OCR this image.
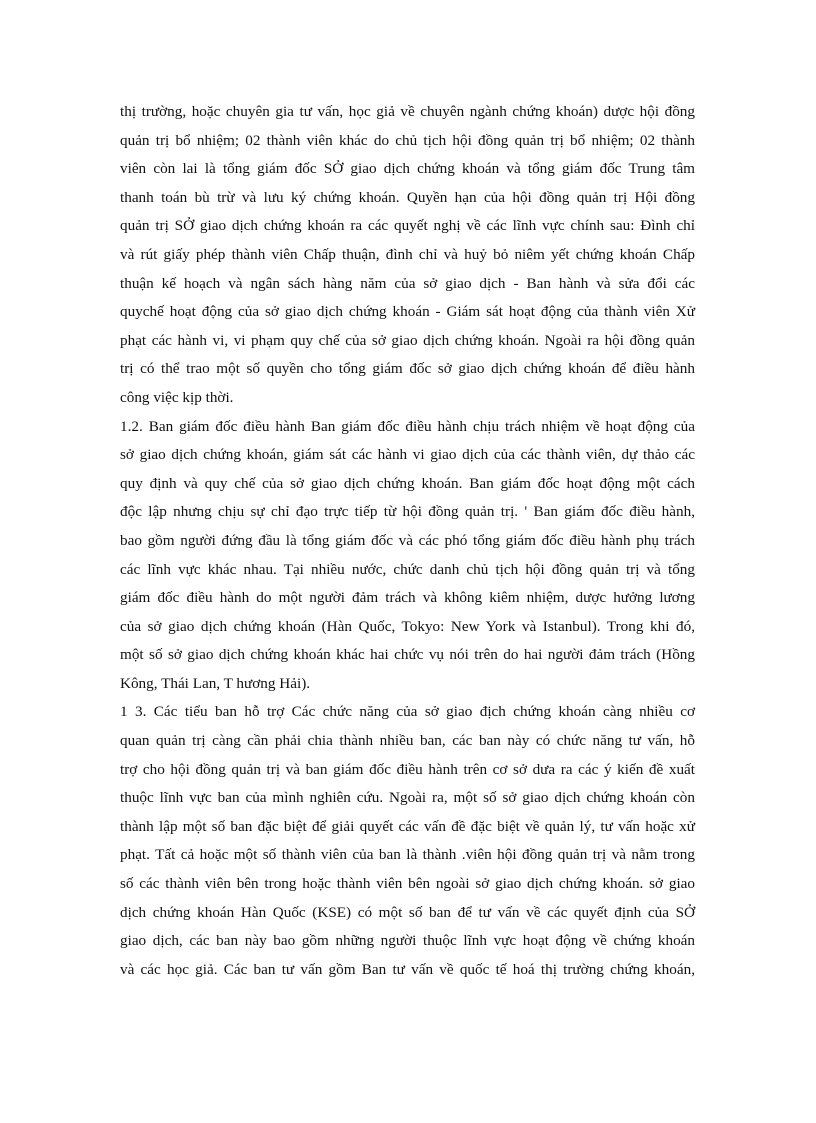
thị trường, hoặc chuyên gia tư vấn, học giả về chuyên ngành chứng khoán) dược hội đồng
quản trị bổ nhiệm; 02 thành viên khác do chủ tịch hội đồng quản trị bổ nhiệm; 02 thành
viên còn lai là tổng giám đốc SỞ giao dịch chứng khoán và tổng giám đốc Trung tâm
thanh toán bù trừ và lưu ký chứng khoán. Quyền hạn của hội đồng quản trị Hội đồng
quản trị SỞ giao dịch chứng khoán ra các quyết nghị về các lĩnh vực chính sau: Đình chỉ
và rút giấy phép thành viên Chấp thuận, đình chỉ và huỷ bỏ niêm yết chứng khoán Chấp
thuận kế hoạch và ngân sách hàng năm của sở giao dịch - Ban hành và sửa đổi các
quychế hoạt động của sở giao dịch chứng khoán - Giám sát hoạt động của thành viên Xử
phạt các hành vi, vi phạm quy chế của sở giao dịch chứng khoán. Ngoài ra hội đồng quản
trị có thể trao một số quyền cho tổng giám đốc sở giao dịch chứng khoán để điều hành
công việc kịp thời.
1.2. Ban giám đốc điều hành Ban giám đốc điều hành chịu trách nhiệm về hoạt động của
sở giao dịch chứng khoán, giám sát các hành vi giao dịch của các thành viên, dự thảo các
quy định và quy chế của sở giao dịch chứng khoán. Ban giám đốc hoạt động một cách
độc lập nhưng chịu sự chỉ đạo trực tiếp từ hội đồng quản trị. ' Ban giám đốc điều hành,
bao gồm người đứng đầu là tổng giám đốc và các phó tổng giám đốc điều hành phụ trách
các lĩnh vực khác nhau. Tại nhiều nước, chức danh chủ tịch hội đồng quản trị và tổng
giám đốc điều hành do một người đảm trách và không kiêm nhiệm, dược hưởng lương
của sở giao dịch chứng khoán (Hàn Quốc, Tokyo: New York và Istanbul). Trong khi đó,
một số sở giao dịch chứng khoán khác hai chức vụ nói trên do hai người đảm trách (Hồng
Kông, Thái Lan, T hương Hải).
1 3. Các tiểu ban hỗ trợ Các chức năng của sở giao địch chứng khoán càng nhiều cơ
quan quản trị càng cần phải chia thành nhiều ban, các ban này có chức năng tư vấn, hỗ
trợ cho hội đồng quản trị và ban giám đốc điều hành trên cơ sở dưa ra các ý kiến đề xuất
thuộc lĩnh vực ban của mình nghiên cứu. Ngoài ra, một số sở giao dịch chứng khoán còn
thành lập một số ban đặc biệt để giải quyết các vấn đề đặc biệt về quản lý, tư vấn hoặc xử
phạt. Tất cả hoặc một số thành viên của ban là thành .viên hội đồng quản trị và nằm trong
số các thành viên bên trong hoặc thành viên bên ngoài sở giao dịch chứng khoán. sở giao
dịch chứng khoán Hàn Quốc (KSE) có một số ban để tư vấn về các quyết định của SỞ
giao dịch, các ban này bao gồm những người thuộc lĩnh vực hoạt động về chứng khoán
và các học giả. Các ban tư vấn gồm Ban tư vấn về quốc tế hoá thị trường chứng khoán,
